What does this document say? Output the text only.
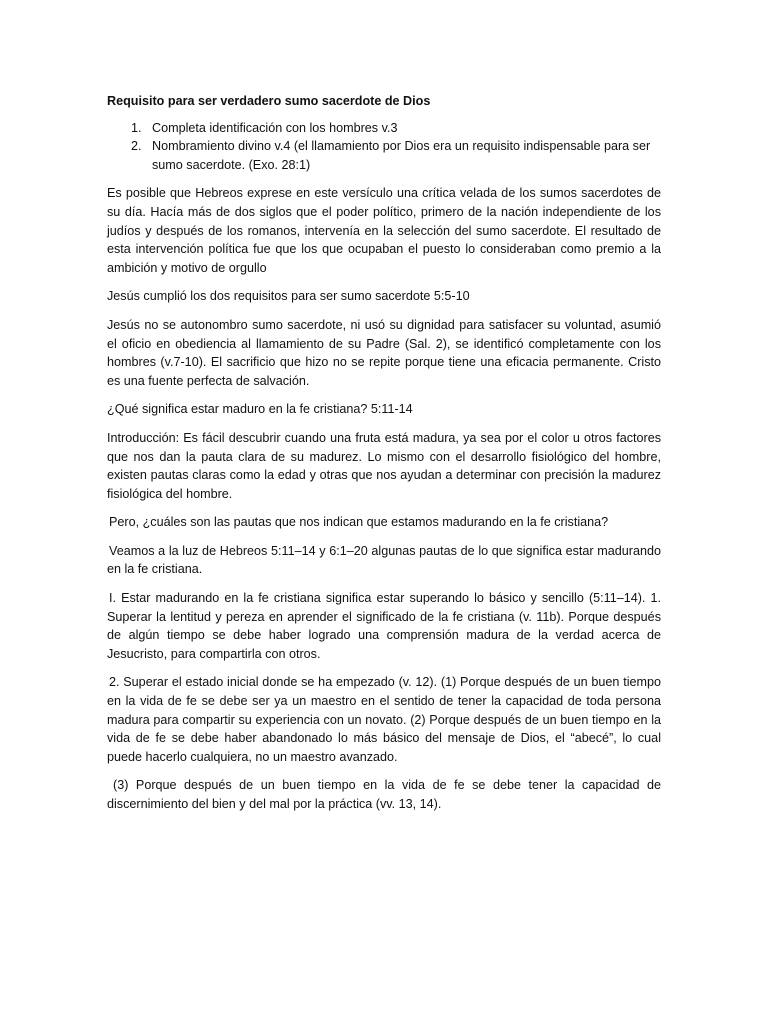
Requisito para ser verdadero sumo sacerdote de Dios
1. Completa identificación con los hombres v.3
2. Nombramiento divino v.4 (el llamamiento por Dios era un requisito indispensable para ser sumo sacerdote. (Exo. 28:1)

Es posible que Hebreos exprese en este versículo una crítica velada de los sumos sacerdotes de su día. Hacía más de dos siglos que el poder político, primero de la nación independiente de los judíos y después de los romanos, intervenía en la selección del sumo sacerdote. El resultado de esta intervención política fue que los que ocupaban el puesto lo consideraban como premio a la ambición y motivo de orgullo

Jesús cumplió los dos requisitos para ser sumo sacerdote 5:5-10

Jesús no se autonombro sumo sacerdote, ni usó su dignidad para satisfacer su voluntad, asumió el oficio en obediencia al llamamiento de su Padre (Sal. 2), se identificó completamente con los hombres (v.7-10). El sacrificio que hizo no se repite porque tiene una eficacia permanente. Cristo es una fuente perfecta de salvación.

¿Qué significa estar maduro en la fe cristiana? 5:11-14

Introducción: Es fácil descubrir cuando una fruta está madura, ya sea por el color u otros factores que nos dan la pauta clara de su madurez. Lo mismo con el desarrollo fisiológico del hombre, existen pautas claras como la edad y otras que nos ayudan a determinar con precisión la madurez fisiológica del hombre.

Pero, ¿cuáles son las pautas que nos indican que estamos madurando en la fe cristiana?

Veamos a la luz de Hebreos 5:11–14 y 6:1–20 algunas pautas de lo que significa estar madurando en la fe cristiana.

I. Estar madurando en la fe cristiana significa estar superando lo básico y sencillo (5:11–14). 1. Superar la lentitud y pereza en aprender el significado de la fe cristiana (v. 11b). Porque después de algún tiempo se debe haber logrado una comprensión madura de la verdad acerca de Jesucristo, para compartirla con otros.

2. Superar el estado inicial donde se ha empezado (v. 12). (1) Porque después de un buen tiempo en la vida de fe se debe ser ya un maestro en el sentido de tener la capacidad de toda persona madura para compartir su experiencia con un novato. (2) Porque después de un buen tiempo en la vida de fe se debe haber abandonado lo más básico del mensaje de Dios, el “abecé”, lo cual puede hacerlo cualquiera, no un maestro avanzado.

(3) Porque después de un buen tiempo en la vida de fe se debe tener la capacidad de discernimiento del bien y del mal por la práctica (vv. 13, 14).
